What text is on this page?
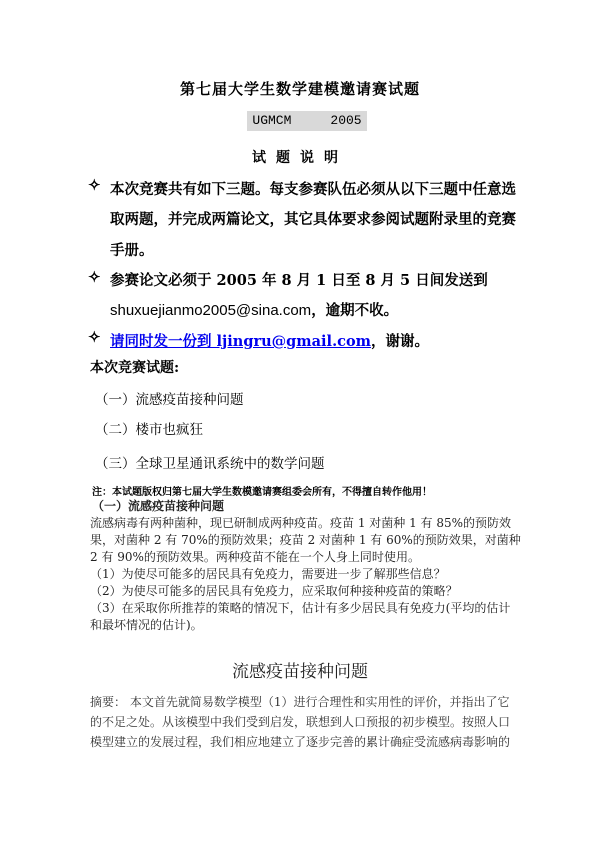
第七届大学生数学建模邀请赛试题
UGMCM     2005
试题说明
✧ 本次竞赛共有如下三题。每支参赛队伍必须从以下三题中任意选
取两题，并完成两篇论文，其它具体要求参阅试题附录里的竞赛
手册。
✧ 参赛论文必须于 2005 年 8 月 1 日至 8 月 5 日间发送到
shuxuejianmo2005@sina.com，逾期不收。
✧ 请同时发一份到 ljingru@gmail.com，谢谢。
本次竞赛试题:
（一）流感疫苗接种问题
（二）楼市也疯狂
（三）全球卫星通讯系统中的数学问题
注：本试题版权归第七届大学生数模邀请赛组委会所有，不得擅自转作他用！
（一）流感疫苗接种问题
流感病毒有两种菌种，现已研制成两种疫苗。疫苗 1 对菌种 1 有 85%的预防效
果，对菌种 2 有 70%的预防效果；疫苗 2 对菌种 1 有 60%的预防效果，对菌种
2 有 90%的预防效果。两种疫苗不能在一个人身上同时使用。
（1）为使尽可能多的居民具有免疫力，需要进一步了解那些信息？
（2）为使尽可能多的居民具有免疫力，应采取何种接种疫苗的策略？
（3）在采取你所推荐的策略的情况下，估计有多少居民具有免疫力(平均的估计
和最坏情况的估计)。
流感疫苗接种问题
摘要： 本文首先就简易数学模型（1）进行合理性和实用性的评价，并指出了它
的不足之处。从该模型中我们受到启发，联想到人口预报的初步模型。按照人口
模型建立的发展过程，我们相应地建立了逐步完善的累计确症受流感病毒影响的
